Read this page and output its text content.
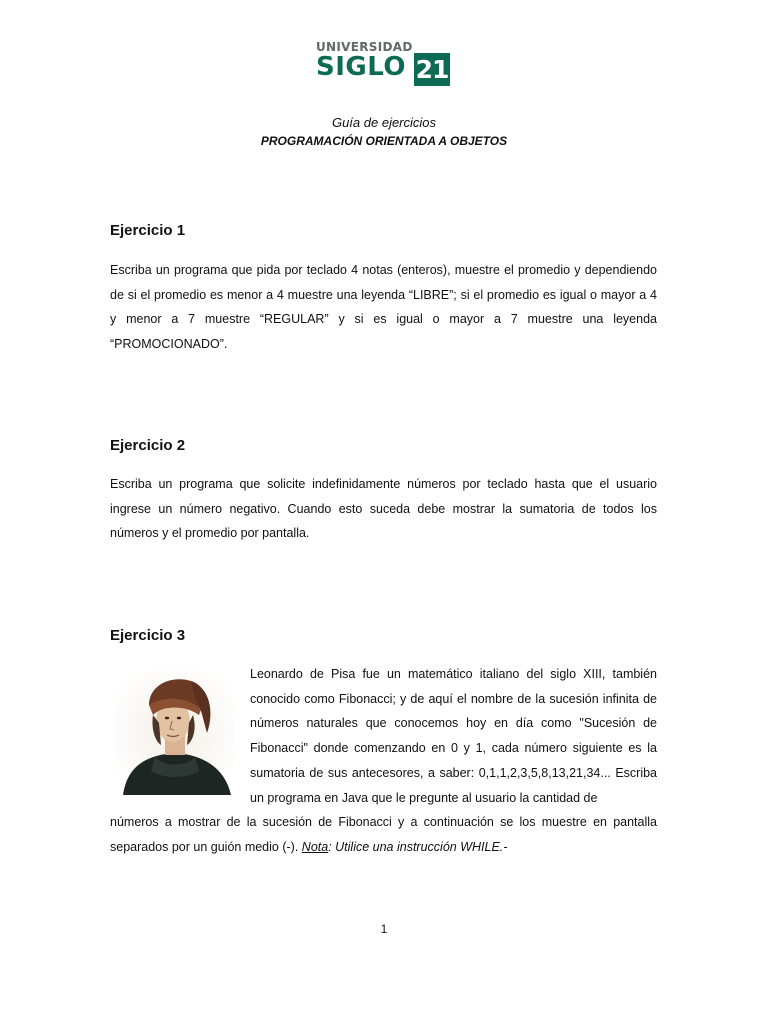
UNIVERSIDAD
SIGLO 21
Guía de ejercicios
PROGRAMACIÓN ORIENTADA A OBJETOS
Ejercicio 1
Escriba un programa que pida por teclado 4 notas (enteros), muestre el promedio y dependiendo de si el promedio es menor a 4 muestre una leyenda “LIBRE”; si el promedio es igual o mayor a 4 y menor a 7 muestre “REGULAR” y si es igual o mayor a 7 muestre una leyenda “PROMOCIONADO”.
Ejercicio 2
Escriba un programa que solicite indefinidamente números por teclado hasta que el usuario ingrese un número negativo. Cuando esto suceda debe mostrar la sumatoria de todos los números y el promedio por pantalla.
Ejercicio 3
Leonardo de Pisa fue un matemático italiano del siglo XIII, también conocido como Fibonacci; y de aquí el nombre de la sucesión infinita de números naturales que conocemos hoy en día como "Sucesión de Fibonacci" donde comenzando en 0 y 1, cada número siguiente es la sumatoria de sus antecesores, a saber: 0,1,1,2,3,5,8,13,21,34... Escriba un programa en Java que le pregunte al usuario la cantidad de
números a mostrar de la sucesión de Fibonacci y a continuación se los muestre en pantalla separados por un guión medio (-). Nota: Utilice una instrucción WHILE.-
1
